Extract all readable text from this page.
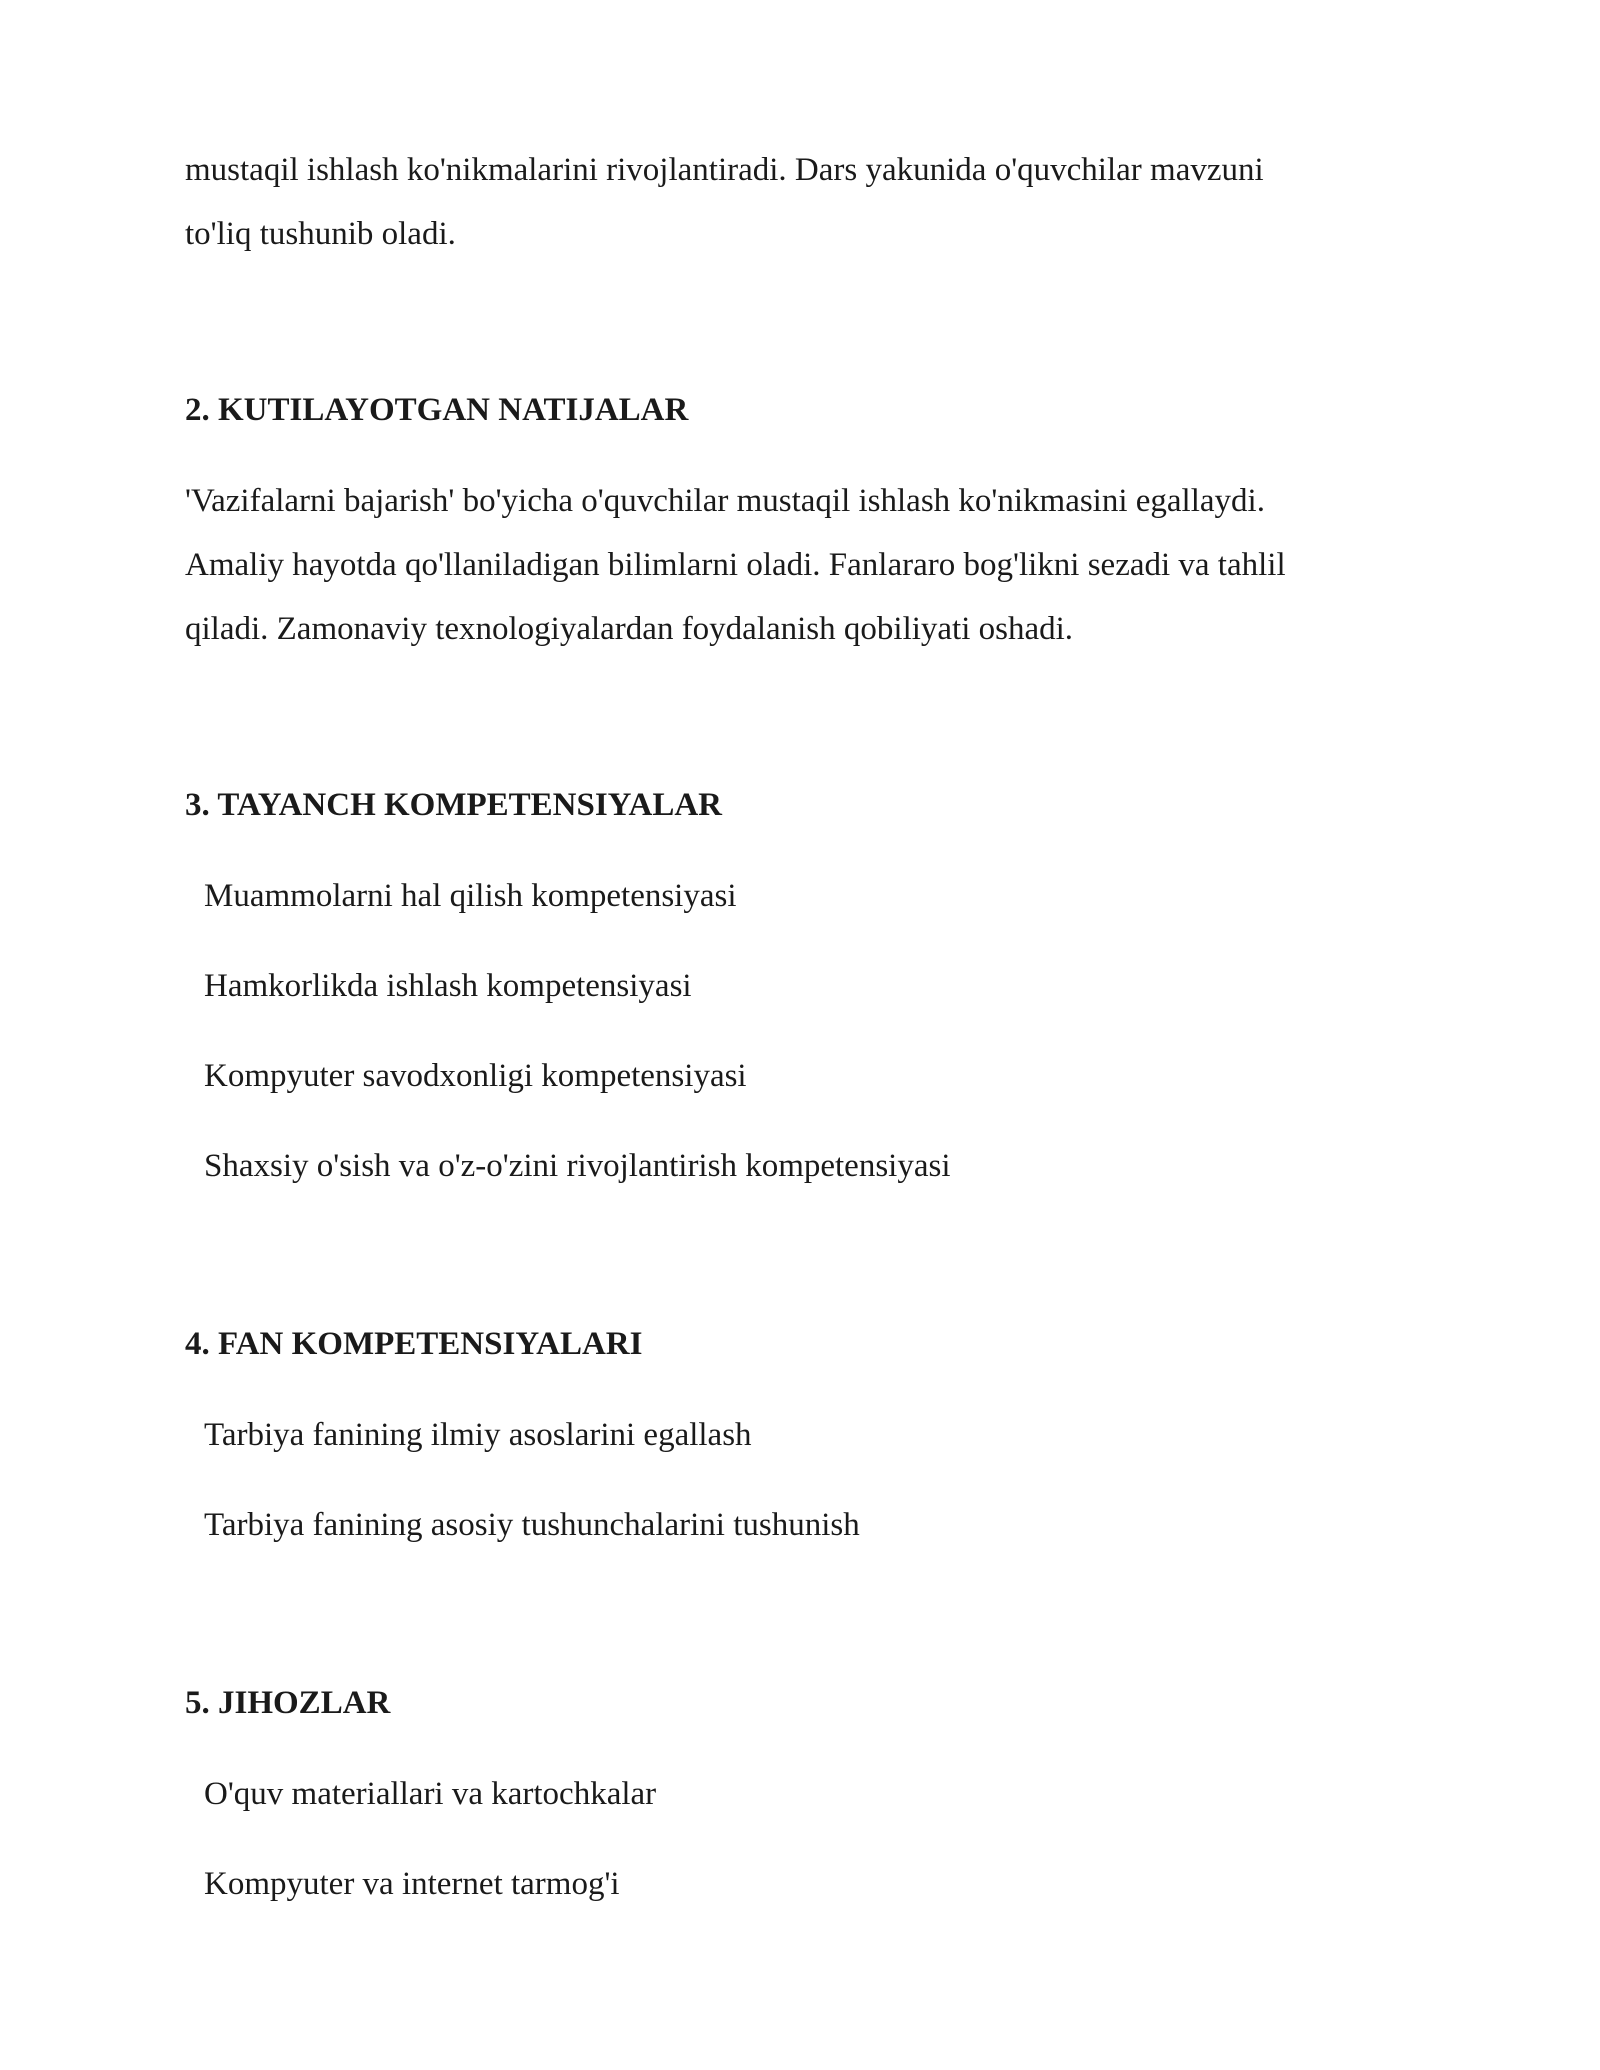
mustaqil ishlash ko'nikmalarini rivojlantiradi. Dars yakunida o'quvchilar mavzuni

to'liq tushunib oladi.

2. KUTILAYOTGAN NATIJALAR

'Vazifalarni bajarish' bo'yicha o'quvchilar mustaqil ishlash ko'nikmasini egallaydi.

Amaliy hayotda qo'llaniladigan bilimlarni oladi. Fanlararo bog'likni sezadi va tahlil

qiladi. Zamonaviy texnologiyalardan foydalanish qobiliyati oshadi.

3. TAYANCH KOMPETENSIYALAR

Muammolarni hal qilish kompetensiyasi

Hamkorlikda ishlash kompetensiyasi

Kompyuter savodxonligi kompetensiyasi

Shaxsiy o'sish va o'z-o'zini rivojlantirish kompetensiyasi

4. FAN KOMPETENSIYALARI

Tarbiya fanining ilmiy asoslarini egallash

Tarbiya fanining asosiy tushunchalarini tushunish

5. JIHOZLAR

O'quv materiallari va kartochkalar

Kompyuter va internet tarmog'i
